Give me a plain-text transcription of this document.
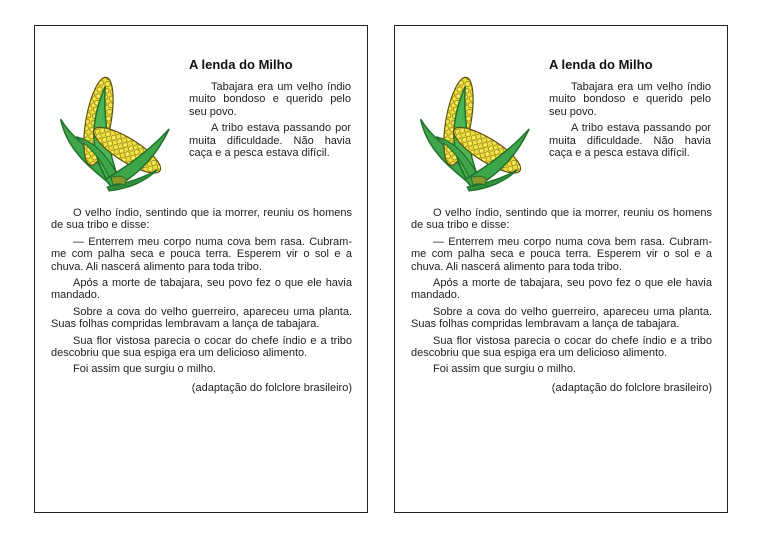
A lenda do Milho

Tabajara era um velho índio muito bondoso e querido pelo seu povo.

A tribo estava passando por muita dificuldade. Não havia caça e a pesca estava difícil.

O velho índio, sentindo que ia morrer, reuniu os homens de sua tribo e disse:

— Enterrem meu corpo numa cova bem rasa. Cubram-me com palha seca e pouca terra. Esperem vir o sol e a chuva. Ali nascerá alimento para toda tribo.

Após a morte de tabajara, seu povo fez o que ele havia mandado.

Sobre a cova do velho guerreiro, apareceu uma planta. Suas folhas compridas lembravam a lança de tabajara.

Sua flor vistosa parecia o cocar do chefe índio e a tribo descobriu que sua espiga era um delicioso alimento.

Foi assim que surgiu o milho.

(adaptação do folclore brasileiro)

A lenda do Milho

Tabajara era um velho índio muito bondoso e querido pelo seu povo.

A tribo estava passando por muita dificuldade. Não havia caça e a pesca estava difícil.

O velho índio, sentindo que ia morrer, reuniu os homens de sua tribo e disse:

— Enterrem meu corpo numa cova bem rasa. Cubram-me com palha seca e pouca terra. Esperem vir o sol e a chuva. Ali nascerá alimento para toda tribo.

Após a morte de tabajara, seu povo fez o que ele havia mandado.

Sobre a cova do velho guerreiro, apareceu uma planta. Suas folhas compridas lembravam a lança de tabajara.

Sua flor vistosa parecia o cocar do chefe índio e a tribo descobriu que sua espiga era um delicioso alimento.

Foi assim que surgiu o milho.

(adaptação do folclore brasileiro)
